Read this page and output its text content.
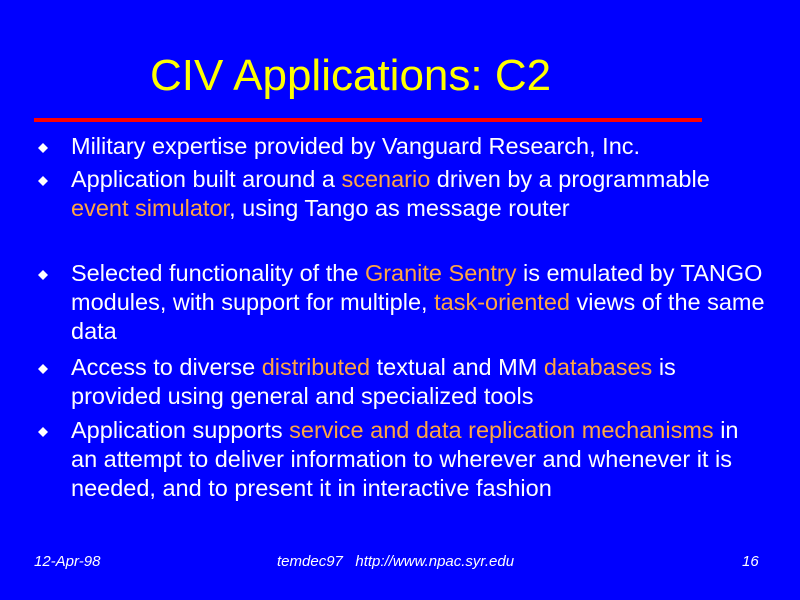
CIV Applications: C2
Military expertise provided by Vanguard Research, Inc.
Application built around a scenario driven by a programmable event simulator, using Tango as message router
Selected functionality of the Granite Sentry is emulated by TANGO modules, with support for multiple, task-oriented views of the same data
Access to diverse distributed textual and MM databases is provided using general and specialized tools
Application supports service and data replication mechanisms in an attempt to deliver information to wherever and whenever it is needed, and to present it in interactive fashion
12-Apr-98	temdec97   http://www.npac.syr.edu	16
